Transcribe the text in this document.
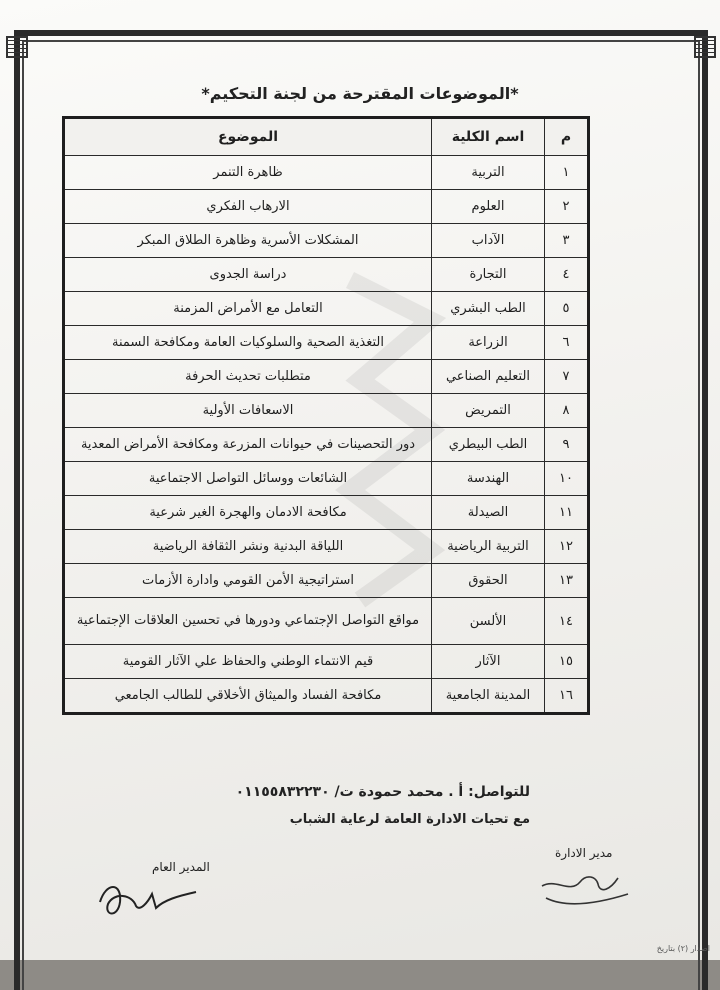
*الموضوعات المقترحة من لجنة التحكيم*
م	اسم الكلية	الموضوع
١	التربية	ظاهرة التنمر
٢	العلوم	الارهاب الفكري
٣	الآداب	المشكلات الأسرية وظاهرة الطلاق المبكر
٤	التجارة	دراسة الجدوى
٥	الطب البشري	التعامل مع الأمراض المزمنة
٦	الزراعة	التغذية الصحية والسلوكيات العامة ومكافحة السمنة
٧	التعليم الصناعي	متطلبات تحديث الحرفة
٨	التمريض	الاسعافات الأولية
٩	الطب البيطري	دور التحصينات في حيوانات المزرعة ومكافحة الأمراض المعدية
١٠	الهندسة	الشائعات ووسائل التواصل الاجتماعية
١١	الصيدلة	مكافحة الادمان والهجرة الغير شرعية
١٢	التربية الرياضية	اللياقة البدنية ونشر الثقافة الرياضية
١٣	الحقوق	استراتيجية الأمن القومي وادارة الأزمات
١٤	الألسن	مواقع التواصل الإجتماعي ودورها في تحسين العلاقات الإجتماعية
١٥	الآثار	قيم الانتماء الوطني والحفاظ علي الآثار القومية
١٦	المدينة الجامعية	مكافحة الفساد والميثاق الأخلاقي للطالب الجامعي
للتواصل: أ . محمد حمودة ت/ ٠١١٥٥٨٣٢٢٣٠
مع تحيات الادارة العامة لرعاية الشباب
المدير العام
مدير الادارة
اصدار (٢) بتاريخ
